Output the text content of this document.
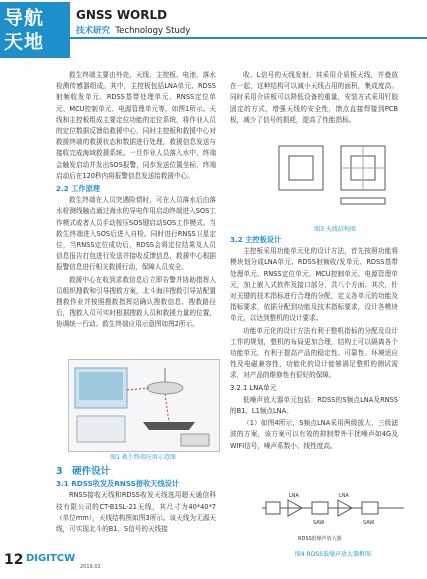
导航
天地
GNSS WORLD
技术研究 Technology Study

救生终端主要由外壳、天线、主控板、电池、落水检测传感器组成。其中，主控板包括LNA单元、RDSS射频收发单元、RDSS基带处理单元、RNSS定位单元、MCU控制单元、电源管理单元等，如图1所示。天线和主控板组成主要定位功能的定位系统，将作业人员的定位数据反馈给救援中心，同时主控板和救援中心对救援终端的救援状态和数据进行处理，救援信息发送与接收完成海域救援系统。一旦作业人员落入水中，终端会触发启动并发出SOS报警，同步发送位置坐标，终端启动后在120秒内将报警信息发送给救援中心。

2.2 工作原理

救生终端在人员突遇险情时，可在人员落水后由落水检测线触点通过海水的导电作用启动终端进入SOS工作模式或者人员手动按压SOS键启动SOS工作模式。当救生终端进入SOS后进入自检。同时进行RNSS卫星定位，当RNSS定位成功后，RDSS会将定位结果及人员信息报告打包进行发送并接收反馈信息，救援中心根据报警信息进行相关救援行动，保障人员安全。

救援中心在收到求救信息后立即告警并协助指挥人员组织搜救和引导搜救方案，北斗海洋搜救引导站配置搜救作业并按照搜救指挥站确认搜救信息、搜救路径后，搜救人员可实时根据搜救人员和救援力量的位置，协调统一行动。救生终端应用示意图如图2所示。

图1 救生终端应用示意图

3　硬件设计

3.1 RDSS收发及RNSS接收天线设计

RNSS接收天线和RDSS收发天线选用超天通信科技有限公司的CT-B1SL-21天线，其尺寸为40*40*7（单位mm），天线结构图如图3所示。该天线为无源天线，可实现北斗的B1、S信号的天线接

收、L信号的天线发射，其采用介质板天线，并叠放在一起，这种结构可以减小天线占用的面积，集成度高。同时采用介质板可以降低设备的重量，安装方式采用钉胶固定的方式，增强天线的安全性，馈点直接焊接到PCB板，减少了信号的损耗，提高了性能指标。

图3 天线结构图

3.2 主控板设计

主控板采用功能单元化的设计方法，首先按照功能将模块划分成LNA单元、RDSS射频收/发单元、RDSS基带处理单元、RNSS定位单元、MCU控制单元、电源管理单元，加上嵌入式软件及接口部分，共八个方面。其次，针对关键的技术指标进行合理的分配，定义各单元的功能及指标要求，依据分配到功能及技术指标要求，设计各模块单元，以达到整机的设计要求。

功能单元化的设计方法有利于整机指标的分配及设计工作的规划，整机的布局更加合理，结构上可以隔离各个功能单元，有利于提高产品的稳定性、可靠性、环境适应性及电磁兼容性，功能化的设计能够满足整机的测试需求，对产品的维修性有很好的保障。

3.2.1 LNA单元

低噪声放大器单元包括：RDSS的S频点LNA及RNSS的B1、L1频点LNA。

（1）如图4所示，S频点LNA采用两级放大、三级滤波的方案，该方案可以有效的抑制带外干扰噪声如4G及WIFI信号，噪声系数小、线性度高。

LNA	LNA
SAW	SAW
RDSS低噪声放大器
图4 RDSS低噪声放大器框图
12 DIGITCW
2019.02
